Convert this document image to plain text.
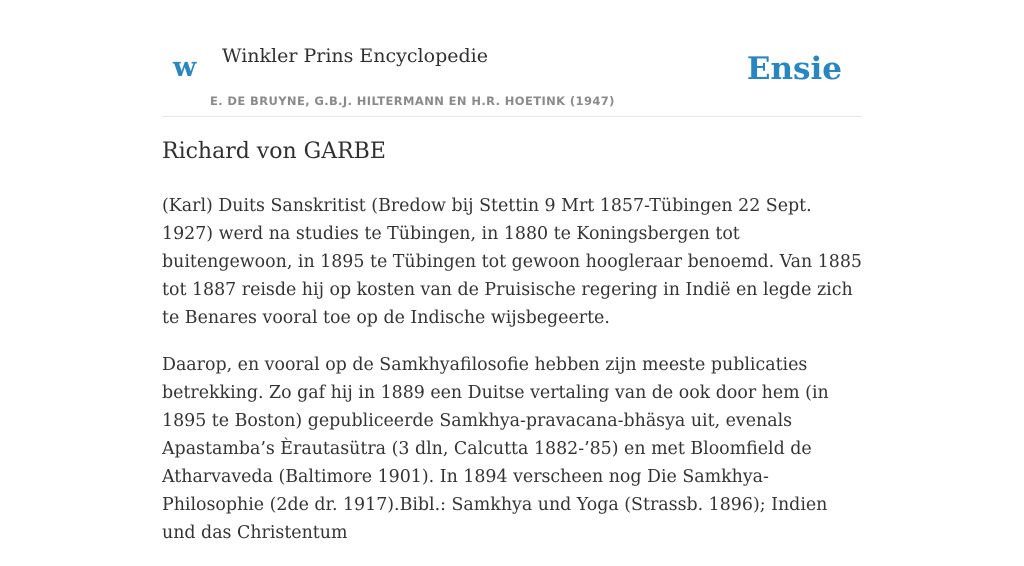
w Winkler Prins Encyclopedie
E. DE BRUYNE, G.B.J. HILTERMANN EN H.R. HOETINK (1947)
Ensie
Richard von GARBE

(Karl) Duits Sanskritist (Bredow bij Stettin 9 Mrt 1857-Tübingen 22 Sept. 1927) werd na studies te Tübingen, in 1880 te Koningsbergen tot buitengewoon, in 1895 te Tübingen tot gewoon hoogleraar benoemd. Van 1885 tot 1887 reisde hij op kosten van de Pruisische regering in Indië en legde zich te Benares vooral toe op de Indische wijsbegeerte.

Daarop, en vooral op de Samkhyafilosofie hebben zijn meeste publicaties betrekking. Zo gaf hij in 1889 een Duitse vertaling van de ook door hem (in 1895 te Boston) gepubliceerde Samkhya-pravacana-bhäsya uit, evenals Apastamba’s Èrautasütra (3 dln, Calcutta 1882-’85) en met Bloomfield de Atharvaveda (Baltimore 1901). In 1894 verscheen nog Die Samkhya-Philosophie (2de dr. 1917).Bibl.: Samkhya und Yoga (Strassb. 1896); Indien und das Christentum
